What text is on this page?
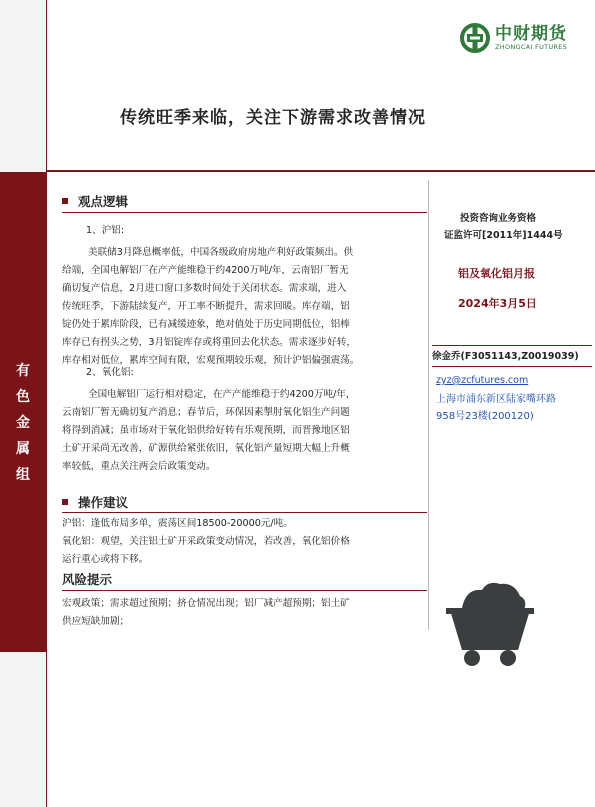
有
色
金
属
组
中财期货
ZHONGCAI FUTURES
传统旺季来临，关注下游需求改善情况
观点逻辑
1、沪铝:
美联储3月降息概率低，中国各级政府房地产利好政策频出。供
给端，全国电解铝厂在产产能维稳于约4200万吨/年，云南铝厂暂无
确切复产信息，2月进口窗口多数时间处于关闭状态。需求端，进入
传统旺季，下游陆续复产，开工率不断提升，需求回暖。库存端，铝
锭仍处于累库阶段，已有减缓迹象，绝对值处于历史同期低位，铝棒
库存已有拐头之势，3月铝锭库存或将重回去化状态。需求逐步好转，
库存相对低位，累库空间有限，宏观预期较乐观，预计沪铝偏强震荡。
2、氧化铝:
全国电解铝厂运行相对稳定，在产产能维稳于约4200万吨/年，
云南铝厂暂无确切复产消息；春节后，环保因素掣肘氧化铝生产问题
将得到消减；虽市场对于氧化铝供给好转有乐观预期，而晋豫地区铝
土矿开采尚无改善，矿源供给紧张依旧，氧化铝产量短期大幅上升概
率较低，重点关注两会后政策变动。
操作建议
沪铝：逢低布局多单，震荡区间18500-20000元/吨。
氧化铝：观望，关注铝土矿开采政策变动情况，若改善，氧化铝价格
运行重心或将下移。
风险提示
宏观政策；需求超过预期；挤仓情况出现；铝厂减产超预期；铝土矿
供应短缺加剧；
投资咨询业务资格
证监许可[2011年]1444号
铝及氧化铝月报
2024年3月5日
徐金乔(F3051143,Z0019039)
zyz@zcfutures.com
上海市浦东新区陆家嘴环路
958号23楼(200120)
